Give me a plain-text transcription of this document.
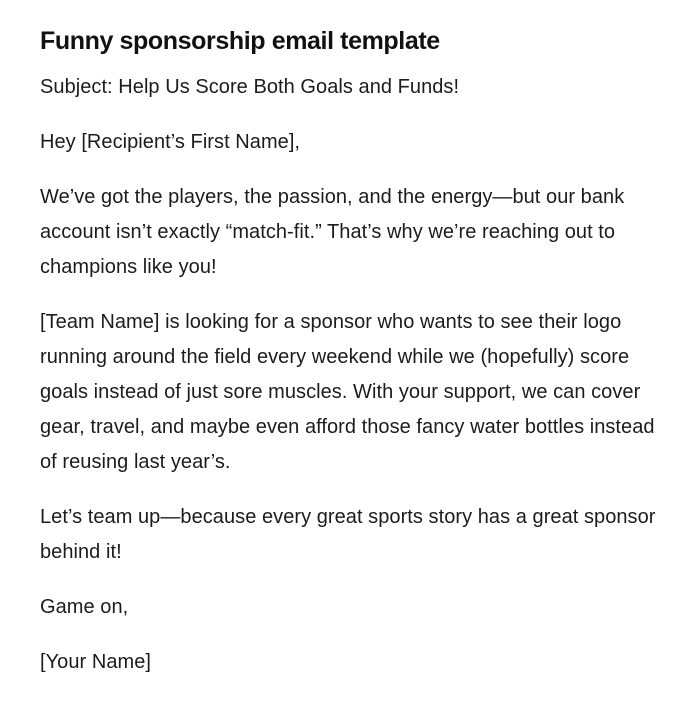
Funny sponsorship email template

Subject: Help Us Score Both Goals and Funds!

Hey [Recipient’s First Name],

We’ve got the players, the passion, and the energy—but our bank account isn’t exactly “match-fit.” That’s why we’re reaching out to champions like you!

[Team Name] is looking for a sponsor who wants to see their logo running around the field every weekend while we (hopefully) score goals instead of just sore muscles. With your support, we can cover gear, travel, and maybe even afford those fancy water bottles instead of reusing last year’s.

Let’s team up—because every great sports story has a great sponsor behind it!

Game on,

[Your Name]
